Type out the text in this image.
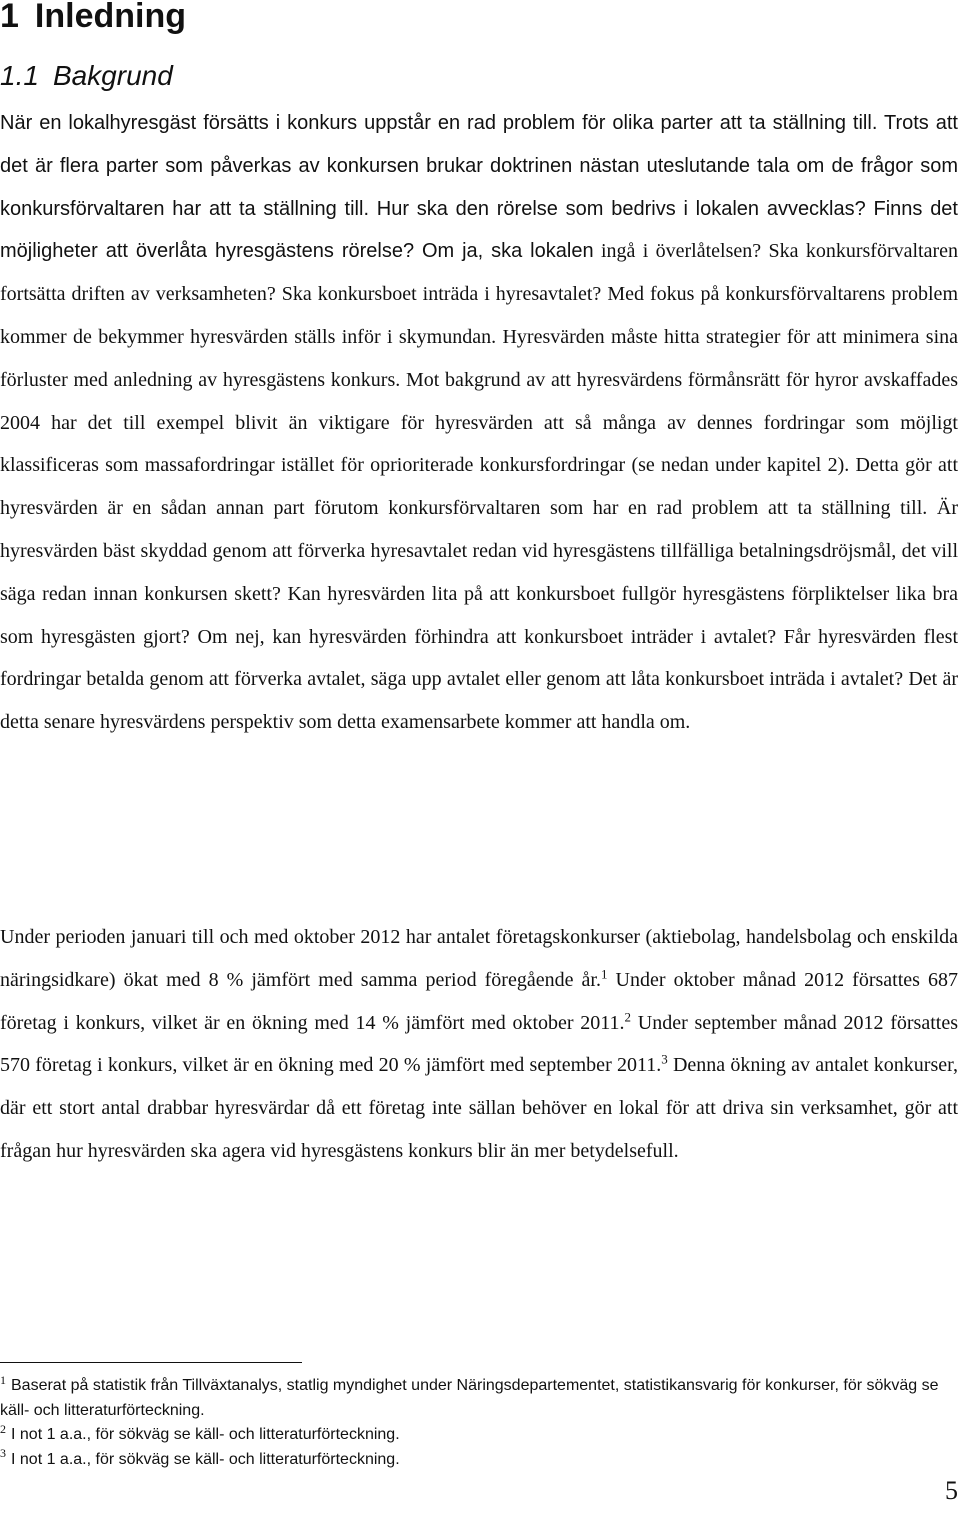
1 Inledning
1.1 Bakgrund

När en lokalhyresgäst försätts i konkurs uppstår en rad problem för olika parter att ta ställning till. Trots att det är flera parter som påverkas av konkursen brukar doktrinen nästan uteslutande tala om de frågor som konkursförvaltaren har att ta ställning till. Hur ska den rörelse som bedrivs i lokalen avvecklas? Finns det möjligheter att överlåta hyresgästens rörelse? Om ja, ska lokalen ingå i överlåtelsen? Ska konkursförvaltaren fortsätta driften av verksamheten? Ska konkursboet inträda i hyresavtalet? Med fokus på konkursförvaltarens problem kommer de bekymmer hyresvärden ställs inför i skymundan. Hyresvärden måste hitta strategier för att minimera sina förluster med anledning av hyresgästens konkurs. Mot bakgrund av att hyresvärdens förmånsrätt för hyror avskaffades 2004 har det till exempel blivit än viktigare för hyresvärden att så många av dennes fordringar som möjligt klassificeras som massafordringar istället för oprioriterade konkursfordringar (se nedan under kapitel 2). Detta gör att hyresvärden är en sådan annan part förutom konkursförvaltaren som har en rad problem att ta ställning till. Är hyresvärden bäst skyddad genom att förverka hyresavtalet redan vid hyresgästens tillfälliga betalningsdröjsmål, det vill säga redan innan konkursen skett? Kan hyresvärden lita på att konkursboet fullgör hyresgästens förpliktelser lika bra som hyresgästen gjort? Om nej, kan hyresvärden förhindra att konkursboet inträder i avtalet? Får hyresvärden flest fordringar betalda genom att förverka avtalet, säga upp avtalet eller genom att låta konkursboet inträda i avtalet? Det är detta senare hyresvärdens perspektiv som detta examensarbete kommer att handla om.

Under perioden januari till och med oktober 2012 har antalet företagskonkurser (aktiebolag, handelsbolag och enskilda näringsidkare) ökat med 8 % jämfört med samma period föregående år.$^1$ Under oktober månad 2012 försattes 687 företag i konkurs, vilket är en ökning med 14 % jämfört med oktober 2011.$^2$ Under september månad 2012 försattes 570 företag i konkurs, vilket är en ökning med 20 % jämfört med september 2011.$^3$ Denna ökning av antalet konkurser, där ett stort antal drabbar hyresvärdar då ett företag inte sällan behöver en lokal för att driva sin verksamhet, gör att frågan hur hyresvärden ska agera vid hyresgästens konkurs blir än mer betydelsefull.

$^1$ Baserat på statistik från Tillväxtanalys, statlig myndighet under Näringsdepartementet, statistikansvarig för konkurser, för sökväg se käll- och litteraturförteckning.
$^2$ I not 1 a.a., för sökväg se käll- och litteraturförteckning.
$^3$ I not 1 a.a., för sökväg se käll- och litteraturförteckning.
5
